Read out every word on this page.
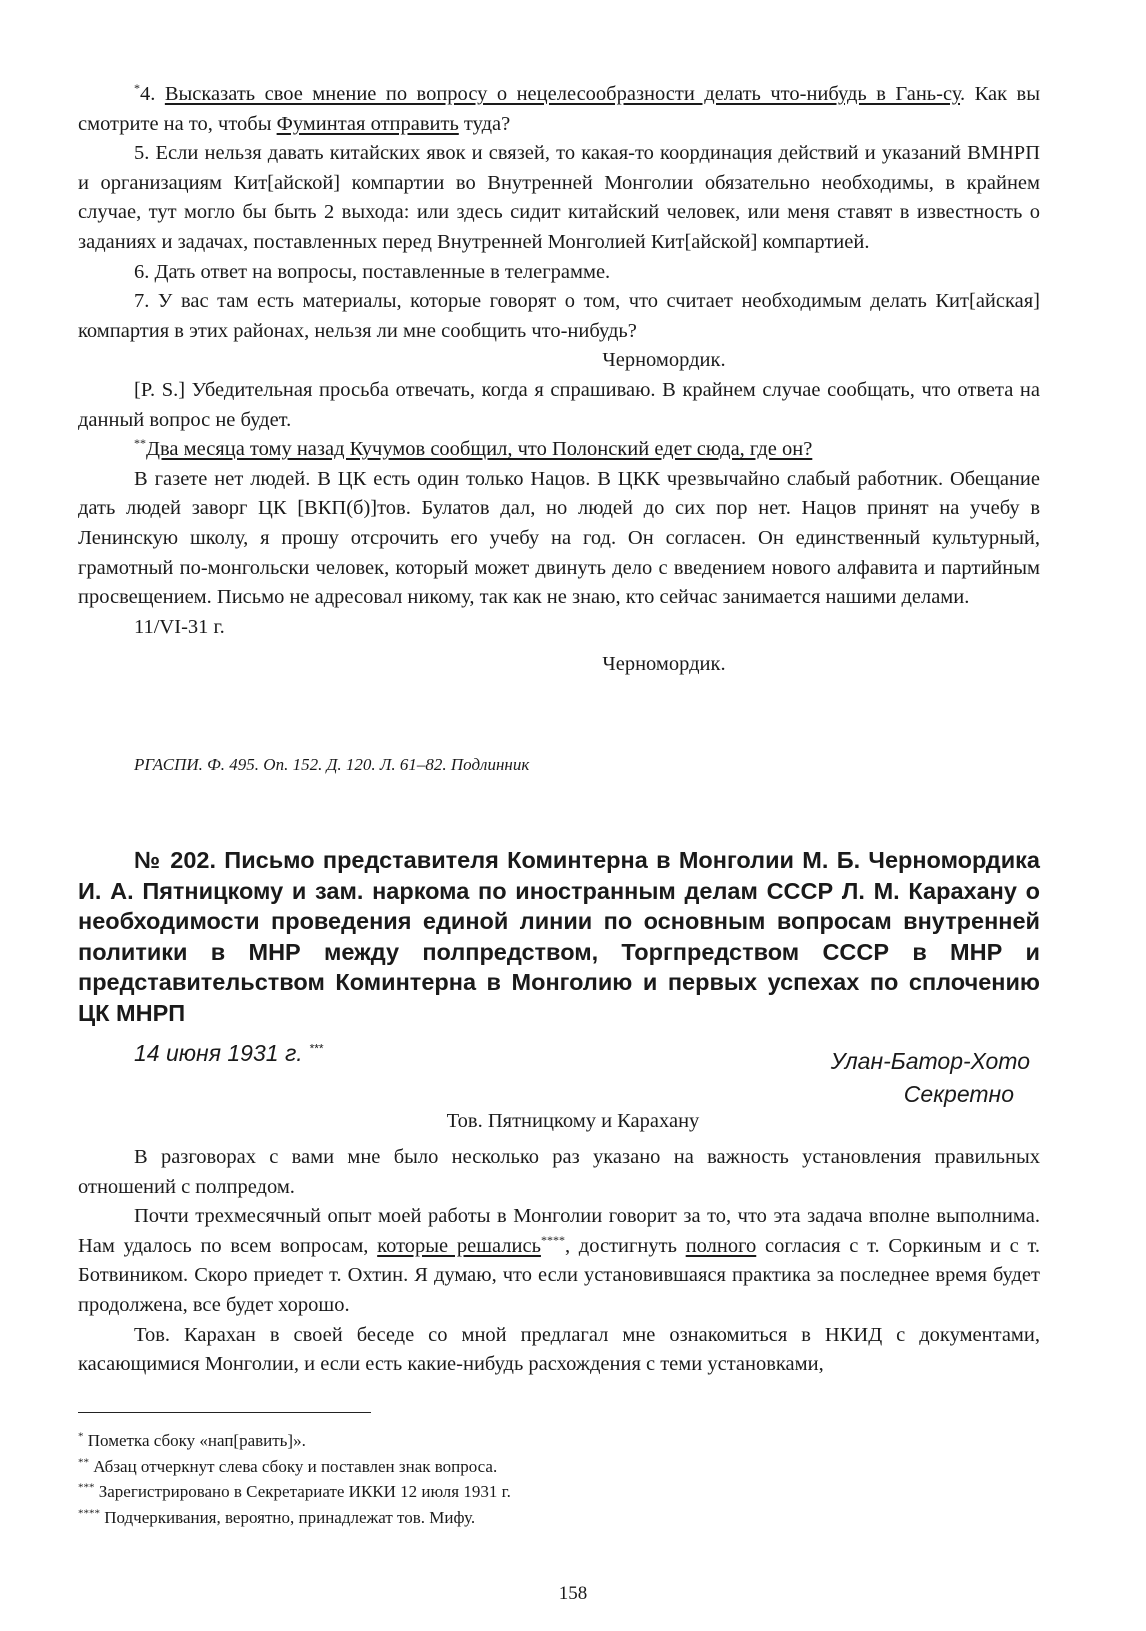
*4. Высказать свое мнение по вопросу о нецелесообразности делать что-нибудь в Гань-су. Как вы смотрите на то, чтобы Фуминтая отправить туда?

5. Если нельзя давать китайских явок и связей, то какая-то координация действий и указаний ВМНРП и организациям Кит[айской] компартии во Внутренней Монголии обязательно необходимы, в крайнем случае, тут могло бы быть 2 выхода: или здесь сидит китайский человек, или меня ставят в известность о заданиях и задачах, поставленных перед Внутренней Монголией Кит[айской] компартией.

6. Дать ответ на вопросы, поставленные в телеграмме.

7. У вас там есть материалы, которые говорят о том, что считает необходимым делать Кит[айская] компартия в этих районах, нельзя ли мне сообщить что-нибудь?

Черномордик.

[P. S.] Убедительная просьба отвечать, когда я спрашиваю. В крайнем случае сообщать, что ответа на данный вопрос не будет.

**Два месяца тому назад Кучумов сообщил, что Полонский едет сюда, где он?

В газете нет людей. В ЦК есть один только Нацов. В ЦКК чрезвычайно слабый работник. Обещание дать людей заворг ЦК [ВКП(б)]тов. Булатов дал, но людей до сих пор нет. Нацов принят на учебу в Ленинскую школу, я прошу отсрочить его учебу на год. Он согласен. Он единственный культурный, грамотный по-монгольски человек, который может двинуть дело с введением нового алфавита и партийным просвещением. Письмо не адресовал никому, так как не знаю, кто сейчас занимается нашими делами.

11/VI-31 г.

Черномордик.

РГАСПИ. Ф. 495. Оп. 152. Д. 120. Л. 61–82. Подлинник
№ 202. Письмо представителя Коминтерна в Монголии М. Б. Черномордика И. А. Пятницкому и зам. наркома по иностранным делам СССР Л. М. Карахану о необходимости проведения единой линии по основным вопросам внутренней политики в МНР между полпредством, Торгпредством СССР в МНР и представительством Коминтерна в Монголию и первых успехах по сплочению ЦК МНРП
14 июня 1931 г. ***	Улан-Батор-Хото
Секретно
Тов. Пятницкому и Карахану

В разговорах с вами мне было несколько раз указано на важность установления правильных отношений с полпредом.

Почти трехмесячный опыт моей работы в Монголии говорит за то, что эта задача вполне выполнима. Нам удалось по всем вопросам, которые решались****, достигнуть полного согласия с т. Соркиным и с т. Ботвиником. Скоро приедет т. Охтин. Я думаю, что если установившаяся практика за последнее время будет продолжена, все будет хорошо.

Тов. Карахан в своей беседе со мной предлагал мне ознакомиться в НКИД с документами, касающимися Монголии, и если есть какие-нибудь расхождения с теми установками,

* Пометка сбоку «нап[равить]».
** Абзац отчеркнут слева сбоку и поставлен знак вопроса.
*** Зарегистрировано в Секретариате ИККИ 12 июля 1931 г.
**** Подчеркивания, вероятно, принадлежат тов. Мифу.
158
